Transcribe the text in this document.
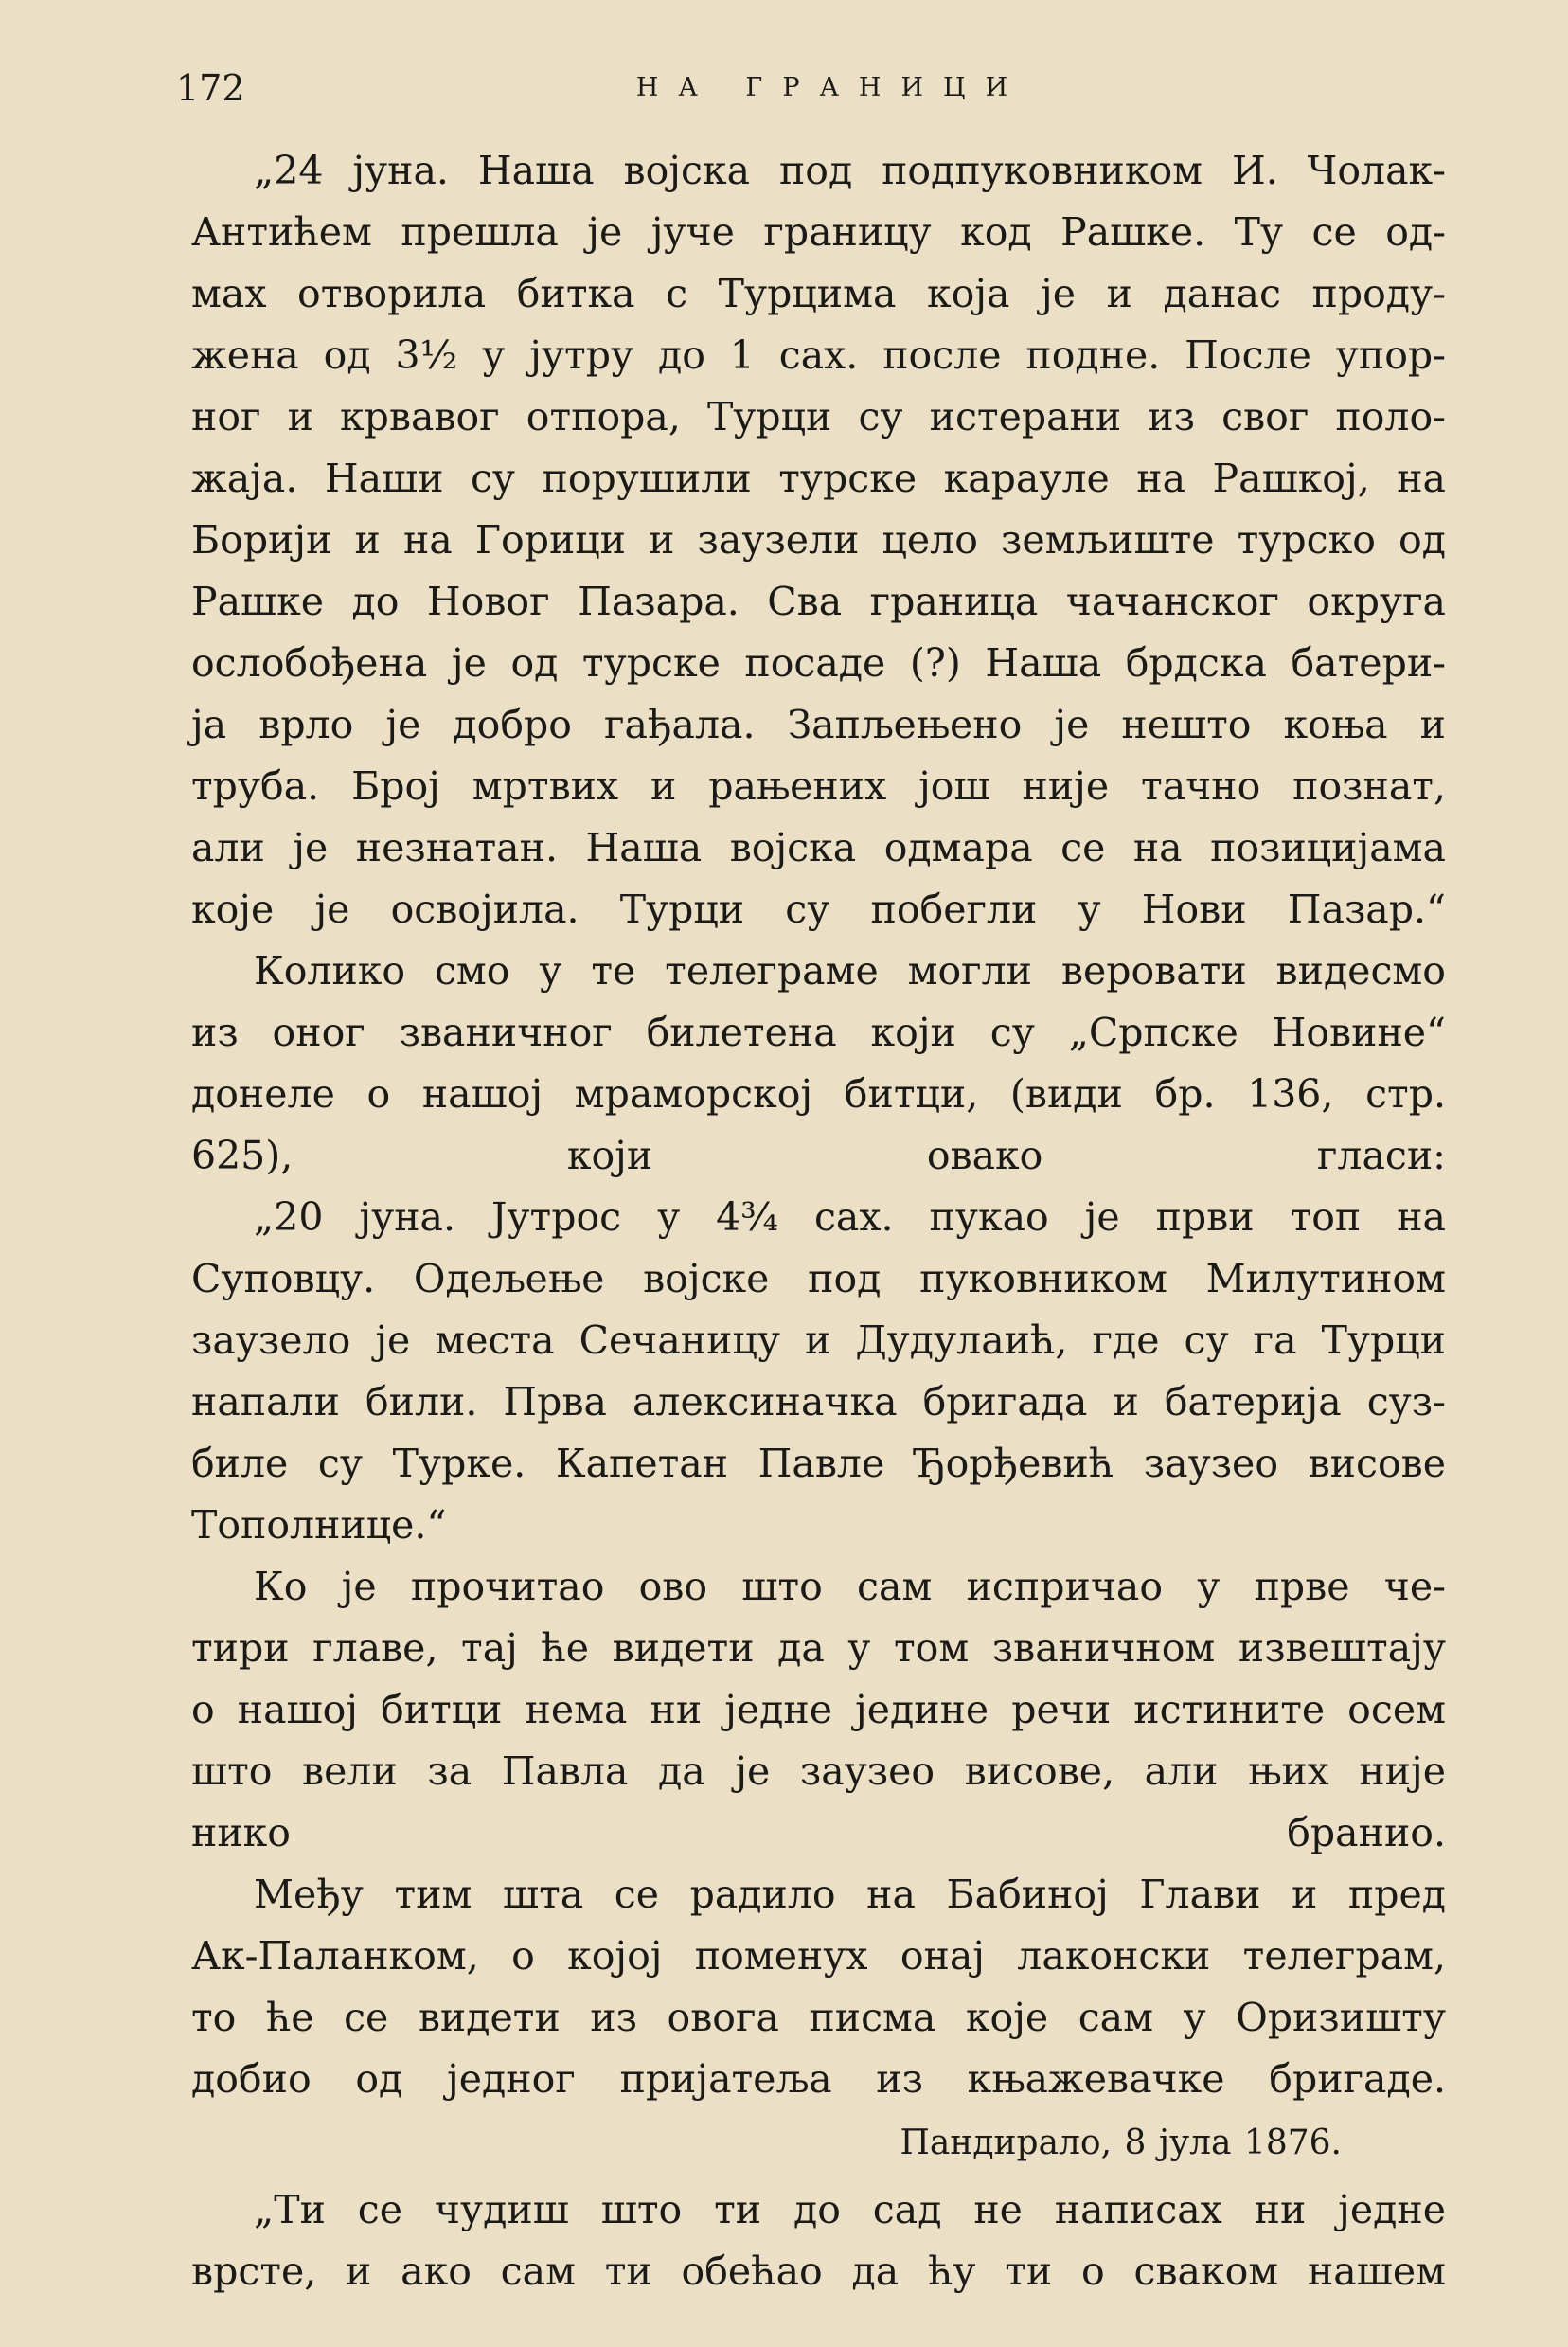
172	НА ГРАНИЦИ

„24 јуна. Наша војска под подпуковником И. Чолак-
Антићем прешла је јуче границу код Рашке. Ту се од-
мах отворила битка с Турцима која је и данас проду-
жена од 3½ у јутру до 1 сах. после подне. После упор-
ног и крвавог отпора, Турци су истерани из свог поло-
жаја. Наши су порушили турске карауле на Рашкој, на
Борији и на Горици и заузели цело земљиште турско од
Рашке до Новог Пазара. Сва граница чачанског округа
ослобођена је од турске посаде (?) Наша брдска батери-
ја врло је добро гађала. Запљењено је нешто коња и
труба. Број мртвих и рањених још није тачно познат,
али је незнатан. Наша војска одмара се на позицијама
које је освојила. Турци су побегли у Нови Пазар.“

Колико смо у те телеграме могли веровати видесмо
из оног званичног билетена који су „Српске Новине“
донеле о нашој мраморској битци, (види бр. 136, стр.
625), који овако гласи:

„20 јуна. Јутрос у 4¾ сах. пукао је први топ на
Суповцу. Одељење војске под пуковником Милутином
заузело је места Сечаницу и Дудулаић, где су га Турци
напали били. Прва алексиначка бригада и батерија суз-
биле су Турке. Капетан Павле Ђорђевић заузео висове
Тополнице.“

Ко је прочитао ово што сам испричао у прве че-
тири главе, тај ће видети да у том званичном извештају
о нашој битци нема ни једне једине речи истините осем
што вели за Павла да је заузео висове, али њих није
нико бранио.

Међу тим шта се радило на Бабиној Глави и пред
Ак-Паланком, о којој поменух онај лаконски телеграм,
то ће се видети из овога писма које сам у Оризишту
добио од једног пријатеља из књажевачке бригаде.

Пандирало, 8 јула 1876.

„Ти се чудиш што ти до сад не написах ни једне
врсте, и ако сам ти обећао да ћу ти о сваком нашем
